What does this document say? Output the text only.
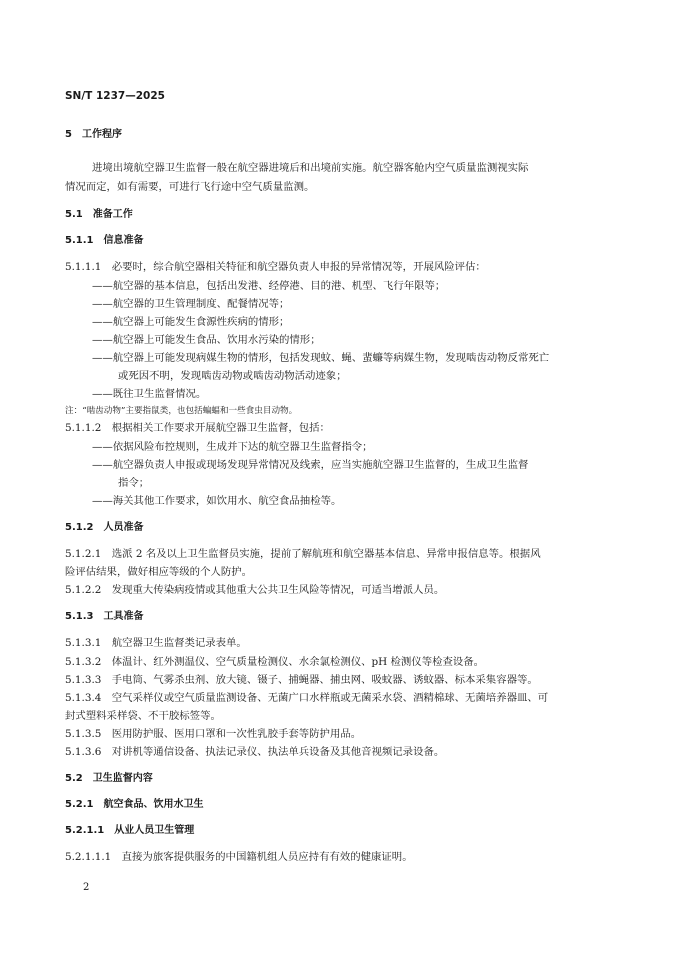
SN/T 1237—2025
5　工作程序
进境出境航空器卫生监督一般在航空器进境后和出境前实施。航空器客舱内空气质量监测视实际
情况而定，如有需要，可进行飞行途中空气质量监测。
5.1　准备工作
5.1.1　信息准备
5.1.1.1　必要时，综合航空器相关特征和航空器负责人申报的异常情况等，开展风险评估：
——航空器的基本信息，包括出发港、经停港、目的港、机型、飞行年限等；
——航空器的卫生管理制度、配餐情况等；
——航空器上可能发生食源性疾病的情形；
——航空器上可能发生食品、饮用水污染的情形；
——航空器上可能发现病媒生物的情形，包括发现蚊、蝇、蜚蠊等病媒生物，发现啮齿动物反常死亡
或死因不明，发现啮齿动物或啮齿动物活动迹象；
——既往卫生监督情况。
注：“啮齿动物”主要指鼠类，也包括蝙蝠和一些食虫目动物。
5.1.1.2　根据相关工作要求开展航空器卫生监督，包括：
——依据风险布控规则，生成并下达的航空器卫生监督指令；
——航空器负责人申报或现场发现异常情况及线索，应当实施航空器卫生监督的，生成卫生监督
指令；
——海关其他工作要求，如饮用水、航空食品抽检等。
5.1.2　人员准备
5.1.2.1　选派 2 名及以上卫生监督员实施，提前了解航班和航空器基本信息、异常申报信息等。根据风
险评估结果，做好相应等级的个人防护。
5.1.2.2　发现重大传染病疫情或其他重大公共卫生风险等情况，可适当增派人员。
5.1.3　工具准备
5.1.3.1　航空器卫生监督类记录表单。
5.1.3.2　体温计、红外测温仪、空气质量检测仪、水余氯检测仪、pH 检测仪等检查设备。
5.1.3.3　手电筒、气雾杀虫剂、放大镜、镊子、捕蝇器、捕虫网、吸蚊器、诱蚊器、标本采集容器等。
5.1.3.4　空气采样仪或空气质量监测设备、无菌广口水样瓶或无菌采水袋、酒精棉球、无菌培养器皿、可
封式塑料采样袋、不干胶标签等。
5.1.3.5　医用防护服、医用口罩和一次性乳胶手套等防护用品。
5.1.3.6　对讲机等通信设备、执法记录仪、执法单兵设备及其他音视频记录设备。
5.2　卫生监督内容
5.2.1　航空食品、饮用水卫生
5.2.1.1　从业人员卫生管理
5.2.1.1.1　直接为旅客提供服务的中国籍机组人员应持有有效的健康证明。
2
